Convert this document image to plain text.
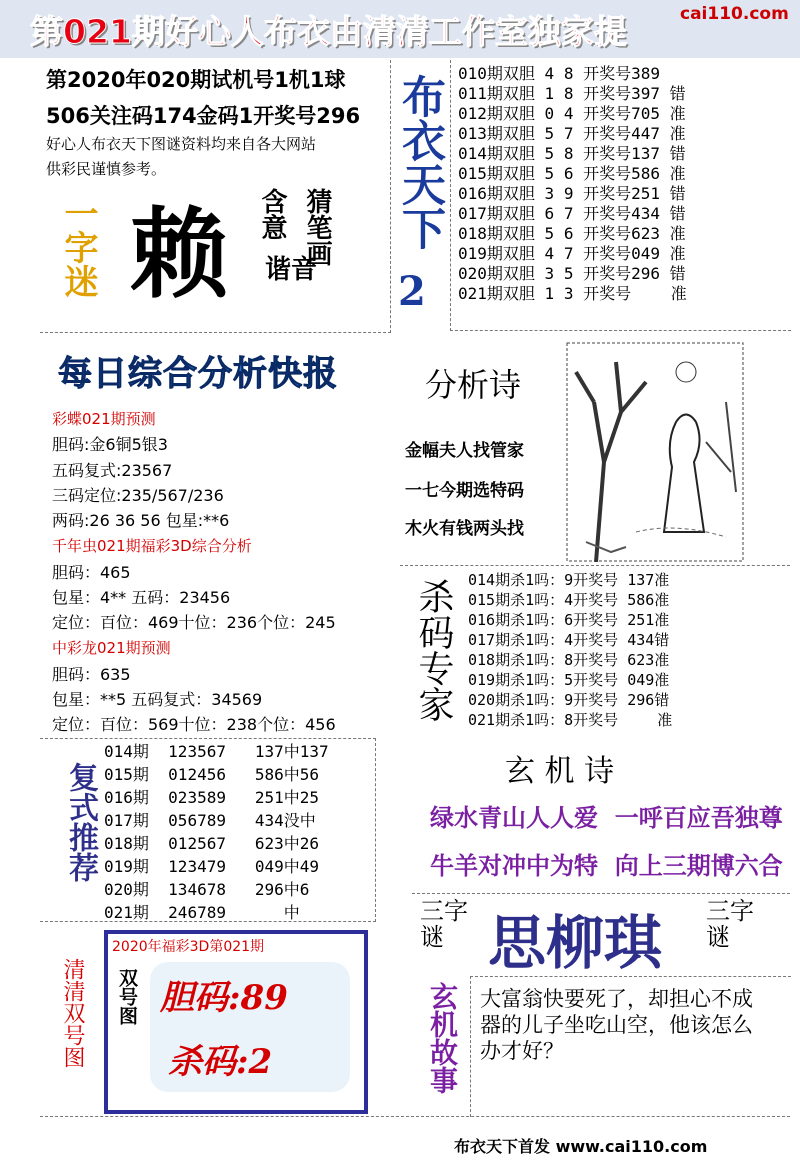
第021期好心人布衣由清清工作室独家提	cai110.com
第2020年020期试机号1机1球
506关注码174金码1开奖号296
好心人布衣天下图谜资料均来自各大网站
供彩民谨慎参考。	布衣天下
2
一字迷 赖 谐音
含意 猜笔画
010期双胆 4 8 开奖号389
011期双胆 1 8 开奖号397 错
012期双胆 0 4 开奖号705 准
013期双胆 5 7 开奖号447 准
014期双胆 5 8 开奖号137 错
015期双胆 5 6 开奖号586 准
016期双胆 3 9 开奖号251 错
017期双胆 6 7 开奖号434 错
018期双胆 5 6 开奖号623 准
019期双胆 4 7 开奖号049 准
020期双胆 3 5 开奖号296 错
021期双胆 1 3 开奖号 准
每日综合分析快报
彩蝶021期预测
胆码:金6铜5银3
五码复式:23567
三码定位:235/567/236
两码:26 36 56 包星:**6
千年虫021期福彩3D综合分析
胆码：465
包星：4** 五码：23456
定位：百位：469十位：236个位：245
中彩龙021期预测
胆码：635
包星：**5 五码复式：34569
定位：百位：569十位：238个位：456
分析诗
金幅夫人找管家
一七今期选特码
木火有钱两头找
杀码专家 014期杀1吗：9开奖号 137准
015期杀1吗：4开奖号 586准
016期杀1吗：6开奖号 251准
017期杀1吗：4开奖号 434错
018期杀1吗：8开奖号 623准
019期杀1吗：5开奖号 049准
020期杀1吗：9开奖号 296错
021期杀1吗：8开奖号	准
复式推荐
014期 123567 137中137
015期 012456 586中56
016期 023589 251中25
017期 056789 434没中
018期 012567 623中26
019期 123479 049中49
020期 134678 296中6
021期 246789      中
玄 机 诗
绿水青山人人爱  一呼百应吾独尊
牛羊对冲中为特  向上三期博六合
清清双号图
2020年福彩3D第021期
双号图 胆码:89
杀码:2
三字谜 思柳琪 三字谜
玄机故事 大富翁快要死了，却担心不成器的儿子坐吃山空，他该怎么办才好？
布衣天下首发 www.cai110.com
